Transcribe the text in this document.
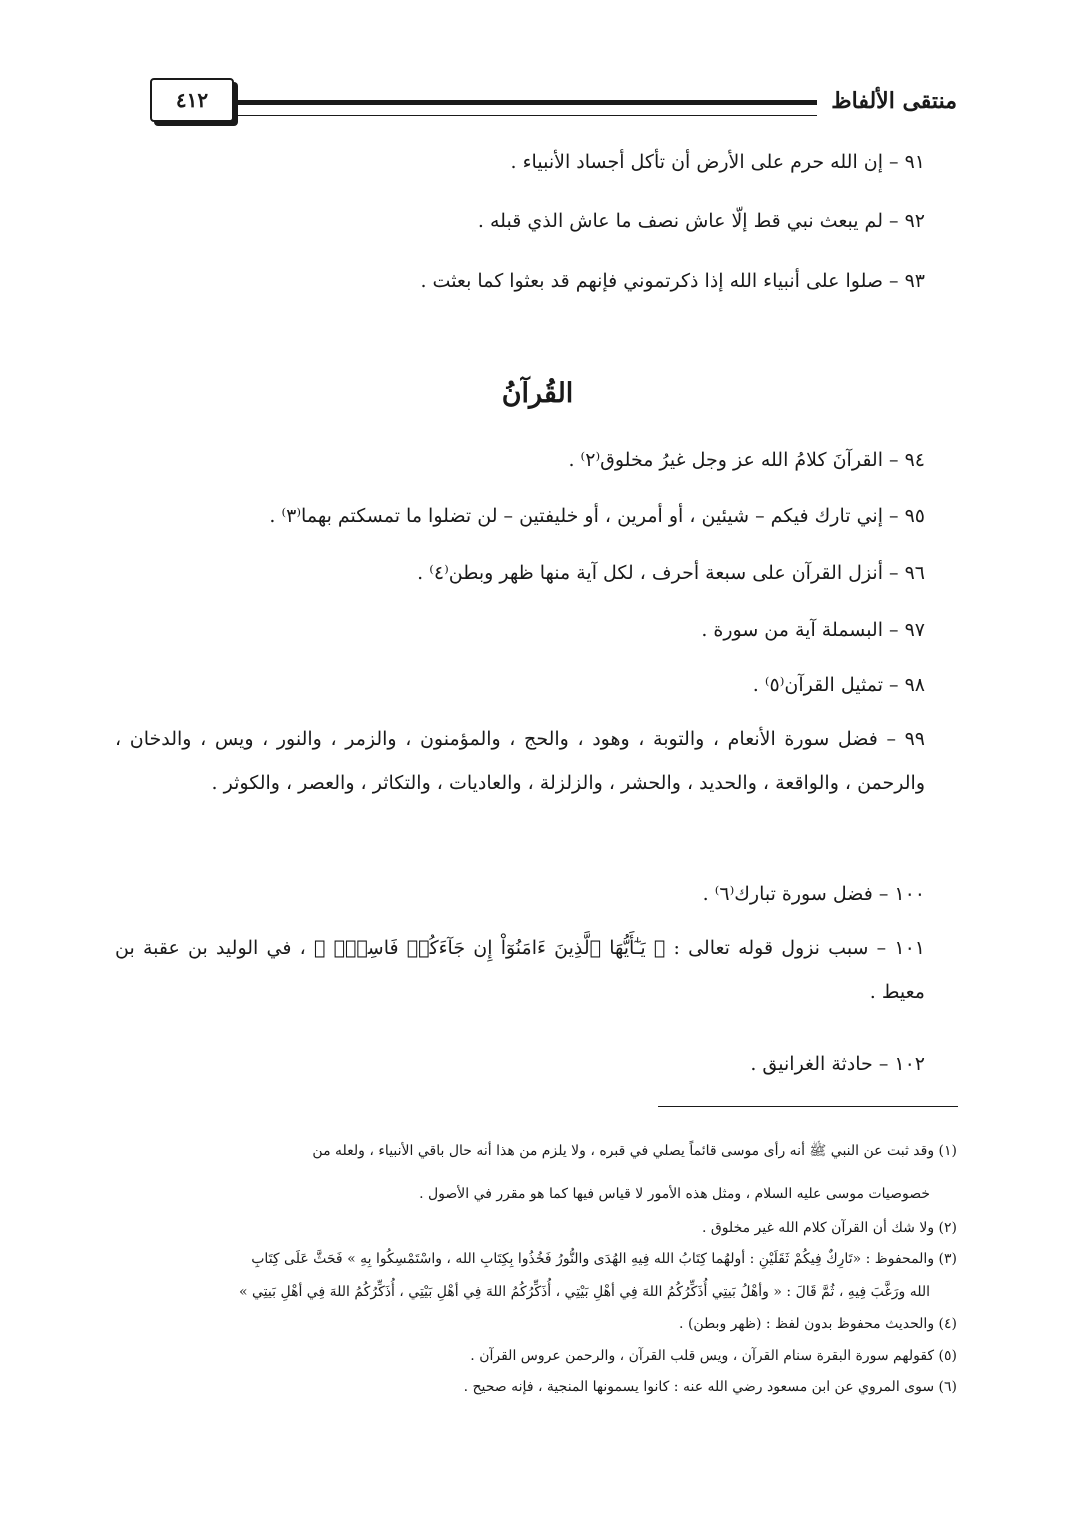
٤١٢	منتقى الألفاظ
٩١ – إن الله حرم على الأرض أن تأكل أجساد الأنبياء .
٩٢ – لم يبعث نبي قط إلّا عاش نصف ما عاش الذي قبله .
٩٣ – صلوا على أنبياء الله إذا ذكرتموني فإنهم قد بعثوا كما بعثت .
القُرآنُ
٩٤ – القرآنَ كلامُ الله عز وجل غيرُ مخلوق⁽٢⁾ .
٩٥ – إني تارك فيكم – شيئين ، أو أمرين ، أو خليفتين – لن تضلوا ما تمسكتم بهما⁽٣⁾ .
٩٦ – أنزل القرآن على سبعة أحرف ، لكل آية منها ظهر وبطن⁽٤⁾ .
٩٧ – البسملة آية من سورة .
٩٨ – تمثيل القرآن⁽٥⁾ .
٩٩ – فضل سورة الأنعام ، والتوبة ، وهود ، والحج ، والمؤمنون ، والزمر ، والنور ، ويس ، والدخان ، والرحمن ، والواقعة ، والحديد ، والحشر ، والزلزلة ، والعاديات ، والتكاثر ، والعصر ، والكوثر .
١٠٠ – فضل سورة تبارك⁽٦⁾ .
١٠١ – سبب نزول قوله تعالى : ﴿ يَـٰٓأَيُّهَا ٱلَّذِينَ ءَامَنُوٓاْ إِن جَآءَكُمۡ فَاسِقُۢ ﴾ ، في الوليد بن عقبة بن معيط .
١٠٢ – حادثة الغرانيق .
(١) وقد ثبت عن النبي ﷺ أنه رأى موسى قائماً يصلي في قبره ، ولا يلزم من هذا أنه حال باقي الأنبياء ، ولعله من
خصوصيات موسى عليه السلام ، ومثل هذه الأمور لا قياس فيها كما هو مقرر في الأصول .
(٢) ولا شك أن القرآن كلام الله غير مخلوق .
(٣) والمحفوظ : «تَارِكٌ فِيكُمْ ثَقَلَيْنِ : أولهُما كِتَابُ الله فِيهِ الهُدَى والنُّورُ فَخُذُوا بِكِتَابِ الله ، واسْتَمْسِكُوا بِهِ » فَحَثَّ عَلَى كِتَابِ
الله ورَغَّبَ فِيهِ ، ثُمَّ قَالَ : « وأهْلُ بَيتِي أُذَكِّرُكُمُ اللهَ فِي أهْلِ بَيْتِي ، أُذَكِّرُكُمُ اللهَ فِي أهْلِ بَيْتِي ، أُذَكِّرُكُمُ اللهَ فِي أهْلِ بَيتِي »
(٤) والحديث محفوظ بدون لفظ : (ظهر وبطن) .
(٥) كقولهم سورة البقرة سنام القرآن ، ويس قلب القرآن ، والرحمن عروس القرآن .
(٦) سوى المروي عن ابن مسعود رضي الله عنه : كانوا يسمونها المنجية ، فإنه صحيح .
